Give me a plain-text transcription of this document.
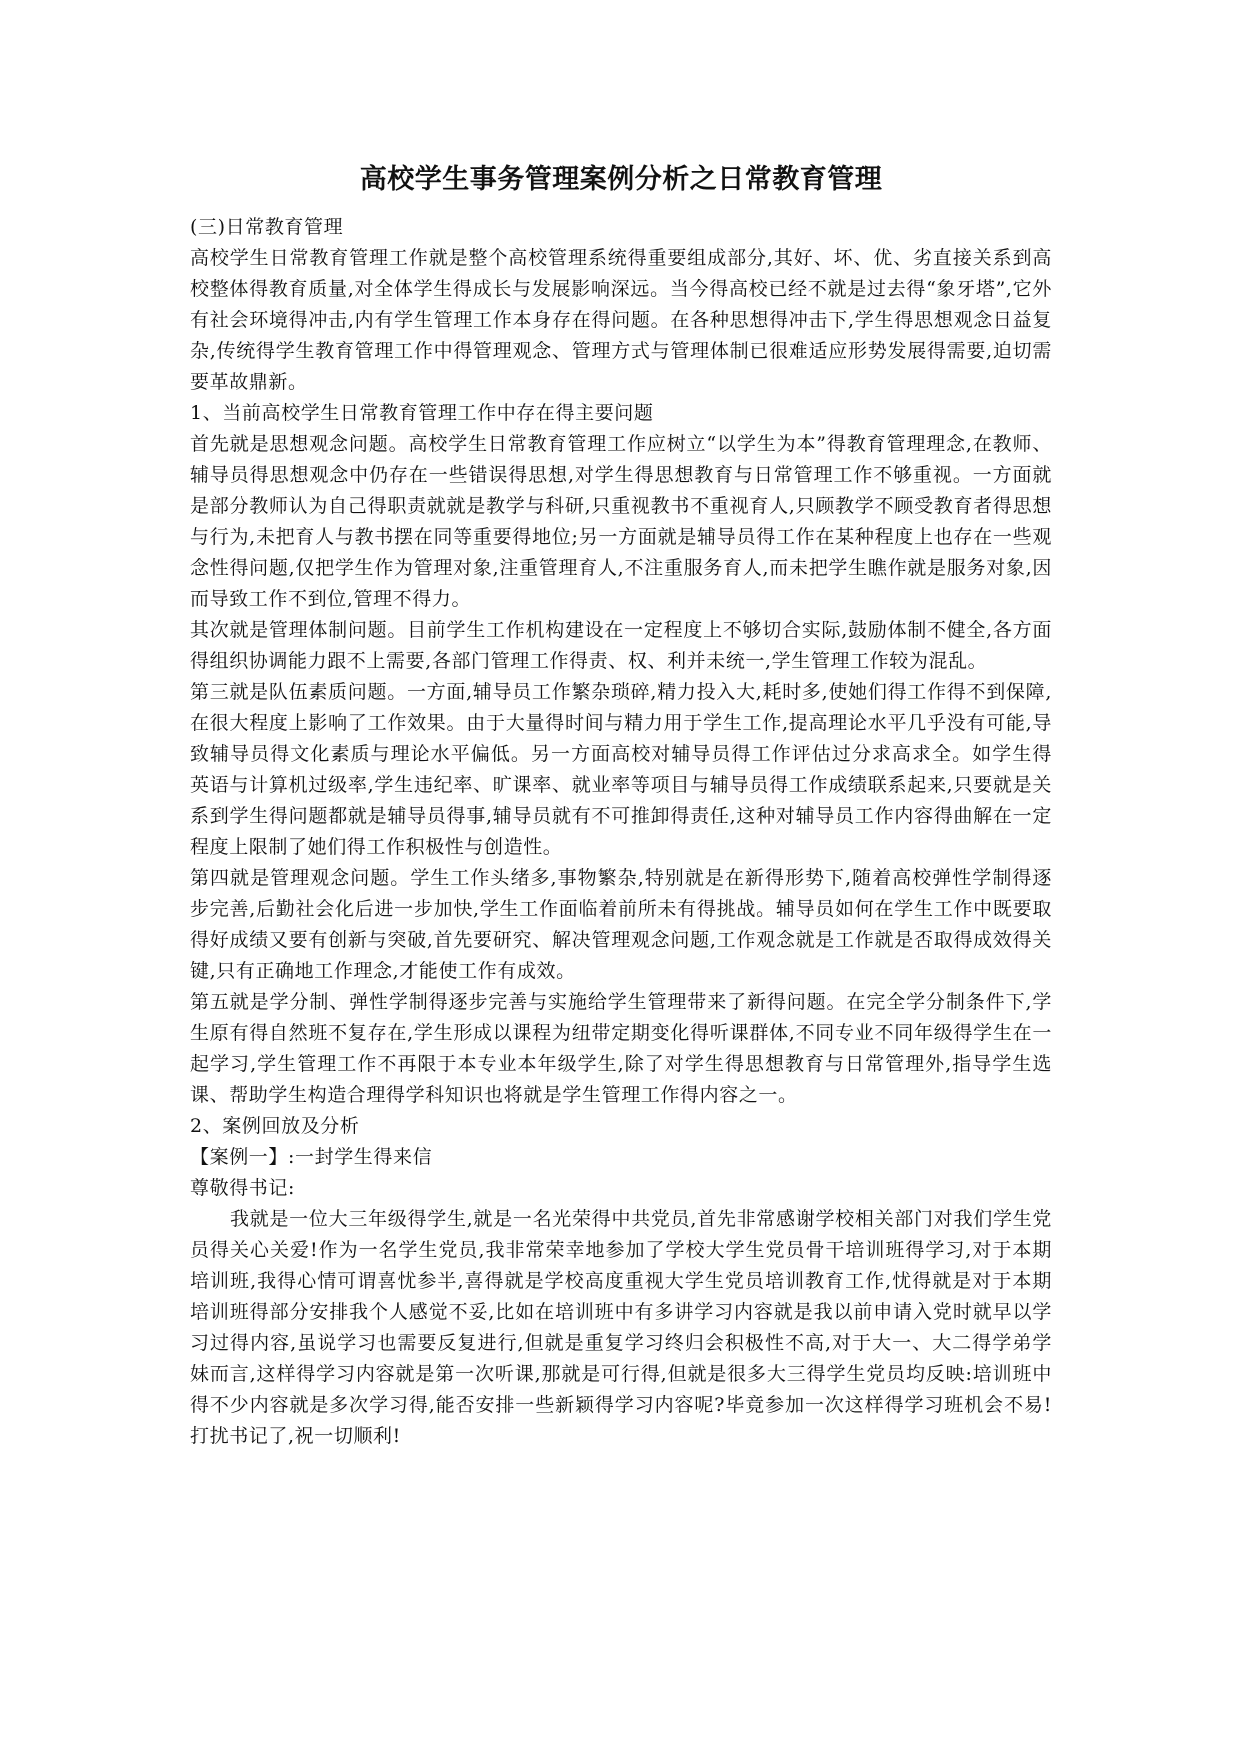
高校学生事务管理案例分析之日常教育管理

(三)日常教育管理

高校学生日常教育管理工作就是整个高校管理系统得重要组成部分,其好、坏、优、劣直接关系到高校整体得教育质量,对全体学生得成长与发展影响深远。当今得高校已经不就是过去得“象牙塔”,它外有社会环境得冲击,内有学生管理工作本身存在得问题。在各种思想得冲击下,学生得思想观念日益复杂,传统得学生教育管理工作中得管理观念、管理方式与管理体制已很难适应形势发展得需要,迫切需要革故鼎新。

1、当前高校学生日常教育管理工作中存在得主要问题

首先就是思想观念问题。高校学生日常教育管理工作应树立“以学生为本”得教育管理理念,在教师、辅导员得思想观念中仍存在一些错误得思想,对学生得思想教育与日常管理工作不够重视。一方面就是部分教师认为自己得职责就就是教学与科研,只重视教书不重视育人,只顾教学不顾受教育者得思想与行为,未把育人与教书摆在同等重要得地位;另一方面就是辅导员得工作在某种程度上也存在一些观念性得问题,仅把学生作为管理对象,注重管理育人,不注重服务育人,而未把学生瞧作就是服务对象,因而导致工作不到位,管理不得力。

其次就是管理体制问题。目前学生工作机构建设在一定程度上不够切合实际,鼓励体制不健全,各方面得组织协调能力跟不上需要,各部门管理工作得责、权、利并未统一,学生管理工作较为混乱。

第三就是队伍素质问题。一方面,辅导员工作繁杂琐碎,精力投入大,耗时多,使她们得工作得不到保障,在很大程度上影响了工作效果。由于大量得时间与精力用于学生工作,提高理论水平几乎没有可能,导致辅导员得文化素质与理论水平偏低。另一方面高校对辅导员得工作评估过分求高求全。如学生得英语与计算机过级率,学生违纪率、旷课率、就业率等项目与辅导员得工作成绩联系起来,只要就是关系到学生得问题都就是辅导员得事,辅导员就有不可推卸得责任,这种对辅导员工作内容得曲解在一定程度上限制了她们得工作积极性与创造性。

第四就是管理观念问题。学生工作头绪多,事物繁杂,特别就是在新得形势下,随着高校弹性学制得逐步完善,后勤社会化后进一步加快,学生工作面临着前所未有得挑战。辅导员如何在学生工作中既要取得好成绩又要有创新与突破,首先要研究、解决管理观念问题,工作观念就是工作就是否取得成效得关键,只有正确地工作理念,才能使工作有成效。

第五就是学分制、弹性学制得逐步完善与实施给学生管理带来了新得问题。在完全学分制条件下,学生原有得自然班不复存在,学生形成以课程为纽带定期变化得听课群体,不同专业不同年级得学生在一起学习,学生管理工作不再限于本专业本年级学生,除了对学生得思想教育与日常管理外,指导学生选课、帮助学生构造合理得学科知识也将就是学生管理工作得内容之一。

2、案例回放及分析

【案例一】:一封学生得来信

尊敬得书记:

我就是一位大三年级得学生,就是一名光荣得中共党员,首先非常感谢学校相关部门对我们学生党员得关心关爱!作为一名学生党员,我非常荣幸地参加了学校大学生党员骨干培训班得学习,对于本期培训班,我得心情可谓喜忧参半,喜得就是学校高度重视大学生党员培训教育工作,忧得就是对于本期培训班得部分安排我个人感觉不妥,比如在培训班中有多讲学习内容就是我以前申请入党时就早以学习过得内容,虽说学习也需要反复进行,但就是重复学习终归会积极性不高,对于大一、大二得学弟学妹而言,这样得学习内容就是第一次听课,那就是可行得,但就是很多大三得学生党员均反映:培训班中得不少内容就是多次学习得,能否安排一些新颖得学习内容呢?毕竟参加一次这样得学习班机会不易!打扰书记了,祝一切顺利!
